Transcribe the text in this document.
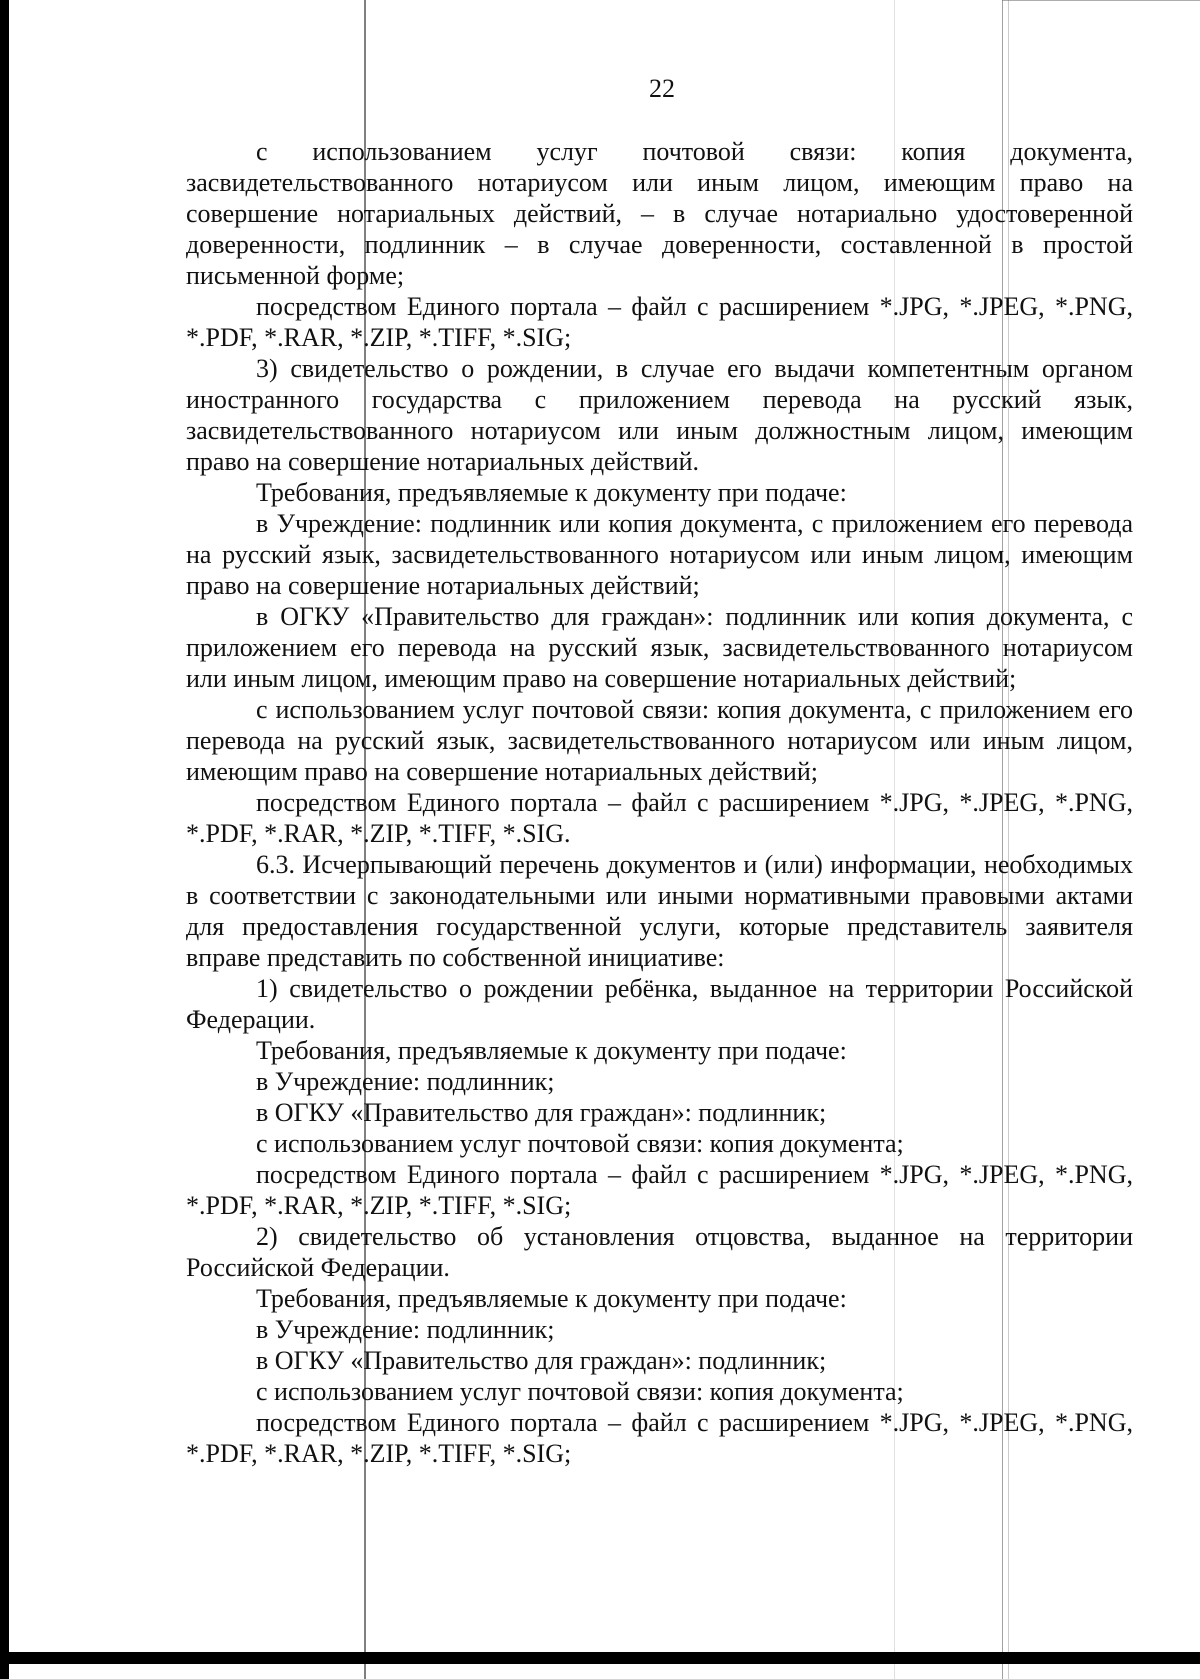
22

с использованием услуг почтовой связи: копия документа, засвидетельствованного нотариусом или иным лицом, имеющим право на совершение нотариальных действий, – в случае нотариально удостоверенной доверенности, подлинник – в случае доверенности, составленной в простой письменной форме;

посредством Единого портала – файл с расширением *.JPG, *.JPEG, *.PNG, *.PDF, *.RAR, *.ZIP, *.TIFF, *.SIG;

3) свидетельство о рождении, в случае его выдачи компетентным органом иностранного государства с приложением перевода на русский язык, засвидетельствованного нотариусом или иным должностным лицом, имеющим право на совершение нотариальных действий.

Требования, предъявляемые к документу при подаче:

в Учреждение: подлинник или копия документа, с приложением его перевода на русский язык, засвидетельствованного нотариусом или иным лицом, имеющим право на совершение нотариальных действий;

в ОГКУ «Правительство для граждан»: подлинник или копия документа, с приложением его перевода на русский язык, засвидетельствованного нотариусом или иным лицом, имеющим право на совершение нотариальных действий;

с использованием услуг почтовой связи: копия документа, с приложением его перевода на русский язык, засвидетельствованного нотариусом или иным лицом, имеющим право на совершение нотариальных действий;

посредством Единого портала – файл с расширением *.JPG, *.JPEG, *.PNG, *.PDF, *.RAR, *.ZIP, *.TIFF, *.SIG.

6.3. Исчерпывающий перечень документов и (или) информации, необходимых в соответствии с законодательными или иными нормативными правовыми актами для предоставления государственной услуги, которые представитель заявителя вправе представить по собственной инициативе:

1) свидетельство о рождении ребёнка, выданное на территории Российской Федерации.

Требования, предъявляемые к документу при подаче:

в Учреждение: подлинник;

в ОГКУ «Правительство для граждан»: подлинник;

с использованием услуг почтовой связи: копия документа;

посредством Единого портала – файл с расширением *.JPG, *.JPEG, *.PNG, *.PDF, *.RAR, *.ZIP, *.TIFF, *.SIG;

2) свидетельство об установления отцовства, выданное на территории Российской Федерации.

Требования, предъявляемые к документу при подаче:

в Учреждение: подлинник;

в ОГКУ «Правительство для граждан»: подлинник;

с использованием услуг почтовой связи: копия документа;

посредством Единого портала – файл с расширением *.JPG, *.JPEG, *.PNG, *.PDF, *.RAR, *.ZIP, *.TIFF, *.SIG;
